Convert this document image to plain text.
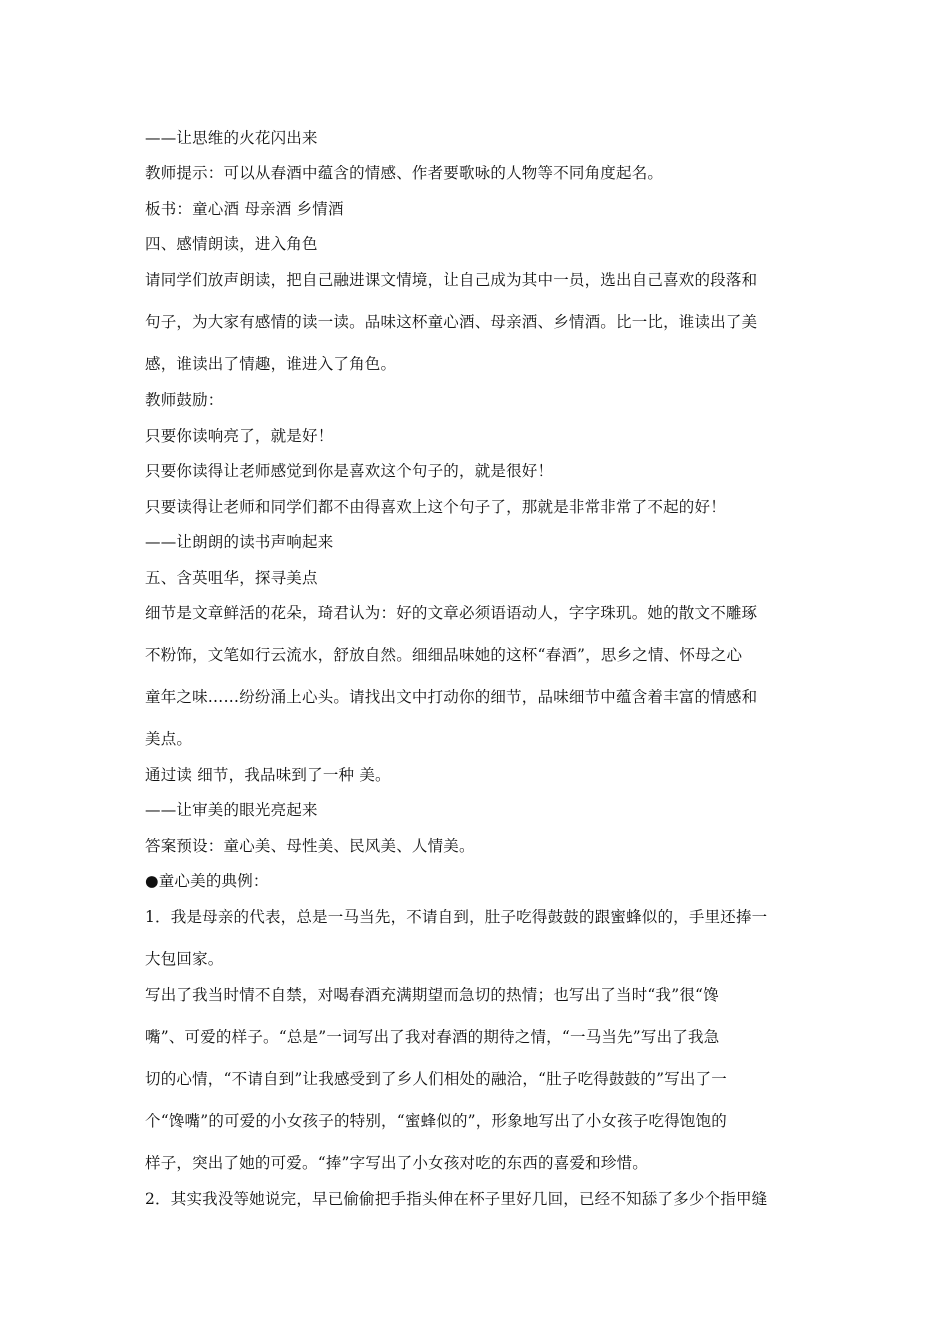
——让思维的火花闪出来
教师提示：可以从春酒中蕴含的情感、作者要歌咏的人物等不同角度起名。
板书：童心酒 母亲酒 乡情酒
四、感情朗读，进入角色
请同学们放声朗读，把自己融进课文情境，让自己成为其中一员，选出自己喜欢的段落和
句子，为大家有感情的读一读。品味这杯童心酒、母亲酒、乡情酒。比一比，谁读出了美
感，谁读出了情趣，谁进入了角色。
教师鼓励：
只要你读响亮了，就是好！
只要你读得让老师感觉到你是喜欢这个句子的，就是很好！
只要读得让老师和同学们都不由得喜欢上这个句子了，那就是非常非常了不起的好！
——让朗朗的读书声响起来
五、含英咀华，探寻美点
细节是文章鲜活的花朵，琦君认为：好的文章必须语语动人，字字珠玑。她的散文不雕琢
不粉饰，文笔如行云流水，舒放自然。细细品味她的这杯“春酒”，思乡之情、怀母之心
童年之味……纷纷涌上心头。请找出文中打动你的细节，品味细节中蕴含着丰富的情感和
美点。
通过读 细节，我品味到了一种 美。
——让审美的眼光亮起来
答案预设：童心美、母性美、民风美、人情美。
●童心美的典例：
1．我是母亲的代表，总是一马当先，不请自到，肚子吃得鼓鼓的跟蜜蜂似的，手里还捧一
大包回家。
写出了我当时情不自禁，对喝春酒充满期望而急切的热情；也写出了当时“我”很“馋
嘴”、可爱的样子。“总是”一词写出了我对春酒的期待之情，“一马当先”写出了我急
切的心情，“不请自到”让我感受到了乡人们相处的融洽，“肚子吃得鼓鼓的”写出了一
个“馋嘴”的可爱的小女孩子的特别，“蜜蜂似的”，形象地写出了小女孩子吃得饱饱的
样子，突出了她的可爱。“捧”字写出了小女孩对吃的东西的喜爱和珍惜。
2．其实我没等她说完，早已偷偷把手指头伸在杯子里好几回，已经不知舔了多少个指甲缝
